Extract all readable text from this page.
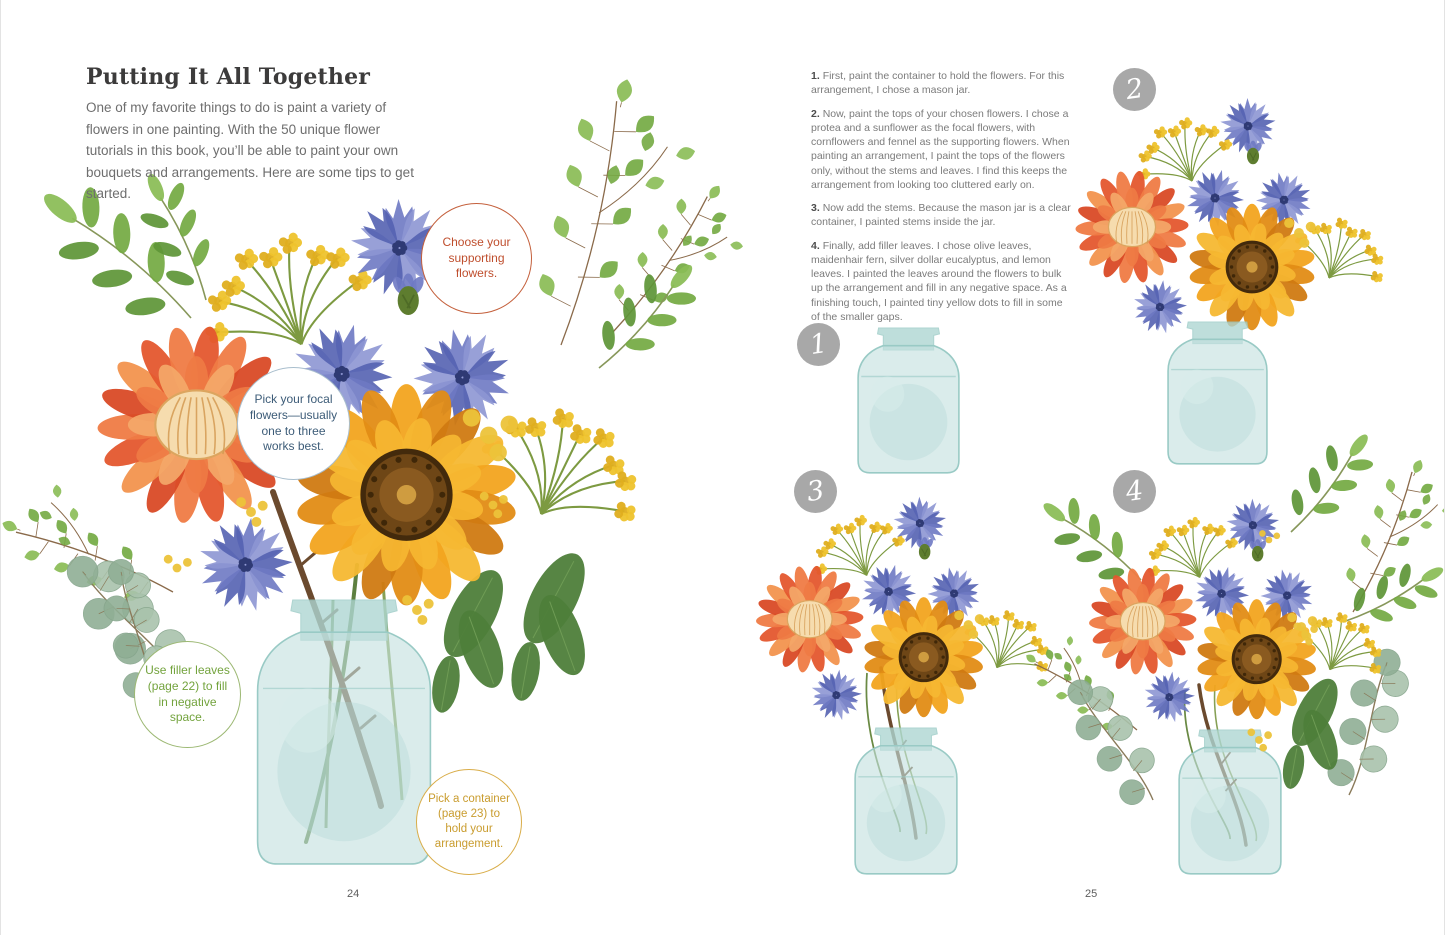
Putting It All Together

One of my favorite things to do is paint a variety of flowers in one painting. With the 50 unique flower tutorials in this book, you’ll be able to paint your own bouquets and arrangements. Here are some tips to get started.

Choose your supporting flowers.
Pick your focal flowers—usually one to three works best.
Use filler leaves (page 22) to fill in negative space.
Pick a container (page 23) to hold your arrangement.
24

1. First, paint the container to hold the flowers. For this arrangement, I chose a mason jar.

2. Now, paint the tops of your chosen flowers. I chose a protea and a sunflower as the focal flowers, with cornflowers and fennel as the supporting flowers. When painting an arrangement, I paint the tops of the flowers only, without the stems and leaves. I find this keeps the arrangement from looking too cluttered early on.

3. Now add the stems. Because the mason jar is a clear container, I painted stems inside the jar.

4. Finally, add filler leaves. I chose olive leaves, maidenhair fern, silver dollar eucalyptus, and lemon leaves. I painted the leaves around the flowers to bulk up the arrangement and fill in any negative space. As a finishing touch, I painted tiny yellow dots to fill in some of the smaller gaps.

1
2
3	4
25
